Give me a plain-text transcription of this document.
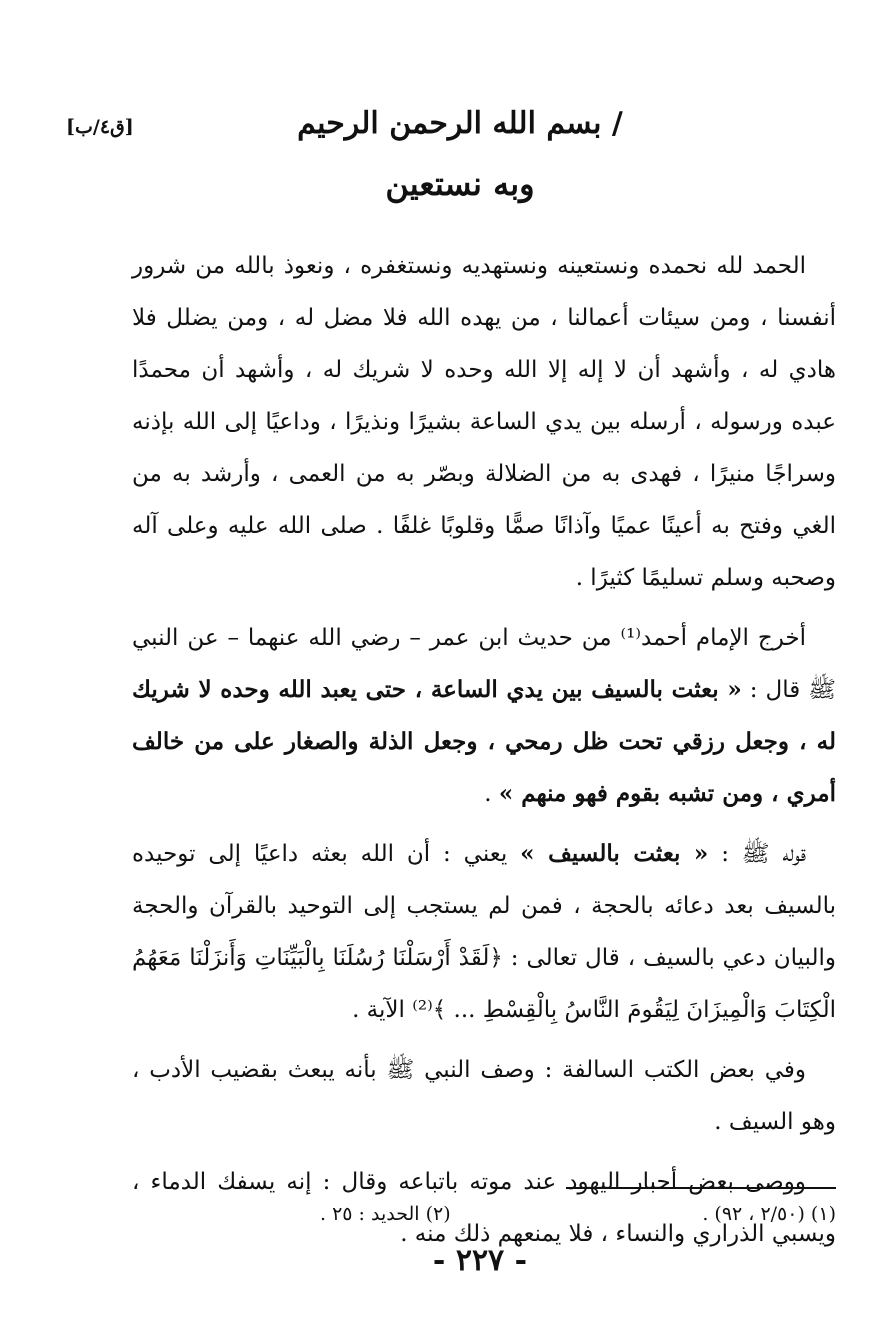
[ق٤/ب]	/ بسم الله الرحمن الرحيم
وبه نستعين

الحمد لله نحمده ونستعينه ونستهديه ونستغفره ، ونعوذ بالله من شرور أنفسنا ، ومن سيئات أعمالنا ، من يهده الله فلا مضل له ، ومن يضلل فلا هادي له ، وأشهد أن لا إله إلا الله وحده لا شريك له ، وأشهد أن محمدًا عبده ورسوله ، أرسله بين يدي الساعة بشيرًا ونذيرًا ، وداعيًا إلى الله بإذنه وسراجًا منيرًا ، فهدى به من الضلالة وبصّر به من العمى ، وأرشد به من الغي وفتح به أعينًا عميًا وآذانًا صمًّا وقلوبًا غلفًا . صلى الله عليه وعلى آله وصحبه وسلم تسليمًا كثيرًا .

أخرج الإمام أحمد⁽¹⁾ من حديث ابن عمر – رضي الله عنهما – عن النبي ﷺ قال : « بعثت بالسيف بين يدي الساعة ، حتى يعبد الله وحده لا شريك له ، وجعل رزقي تحت ظل رمحي ، وجعل الذلة والصغار على من خالف أمري ، ومن تشبه بقوم فهو منهم » .

قوله ﷺ : « بعثت بالسيف » يعني : أن الله بعثه داعيًا إلى توحيده بالسيف بعد دعائه بالحجة ، فمن لم يستجب إلى التوحيد بالقرآن والحجة والبيان دعي بالسيف ، قال تعالى : ﴿لَقَدْ أَرْسَلْنَا رُسُلَنَا بِالْبَيِّنَاتِ وَأَنزَلْنَا مَعَهُمُ الْكِتَابَ وَالْمِيزَانَ لِيَقُومَ النَّاسُ بِالْقِسْطِ ... ﴾⁽²⁾ الآية .

وفي بعض الكتب السالفة : وصف النبي ﷺ بأنه يبعث بقضيب الأدب ، وهو السيف .

ووصى بعض أحبار اليهود عند موته باتباعه وقال : إنه يسفك الدماء ، ويسبي الذراري والنساء ، فلا يمنعهم ذلك منه .

(١) (٢/٥٠ ، ٩٢) .
(٢) الحديد : ٢٥ .
- ٢٢٧ -
